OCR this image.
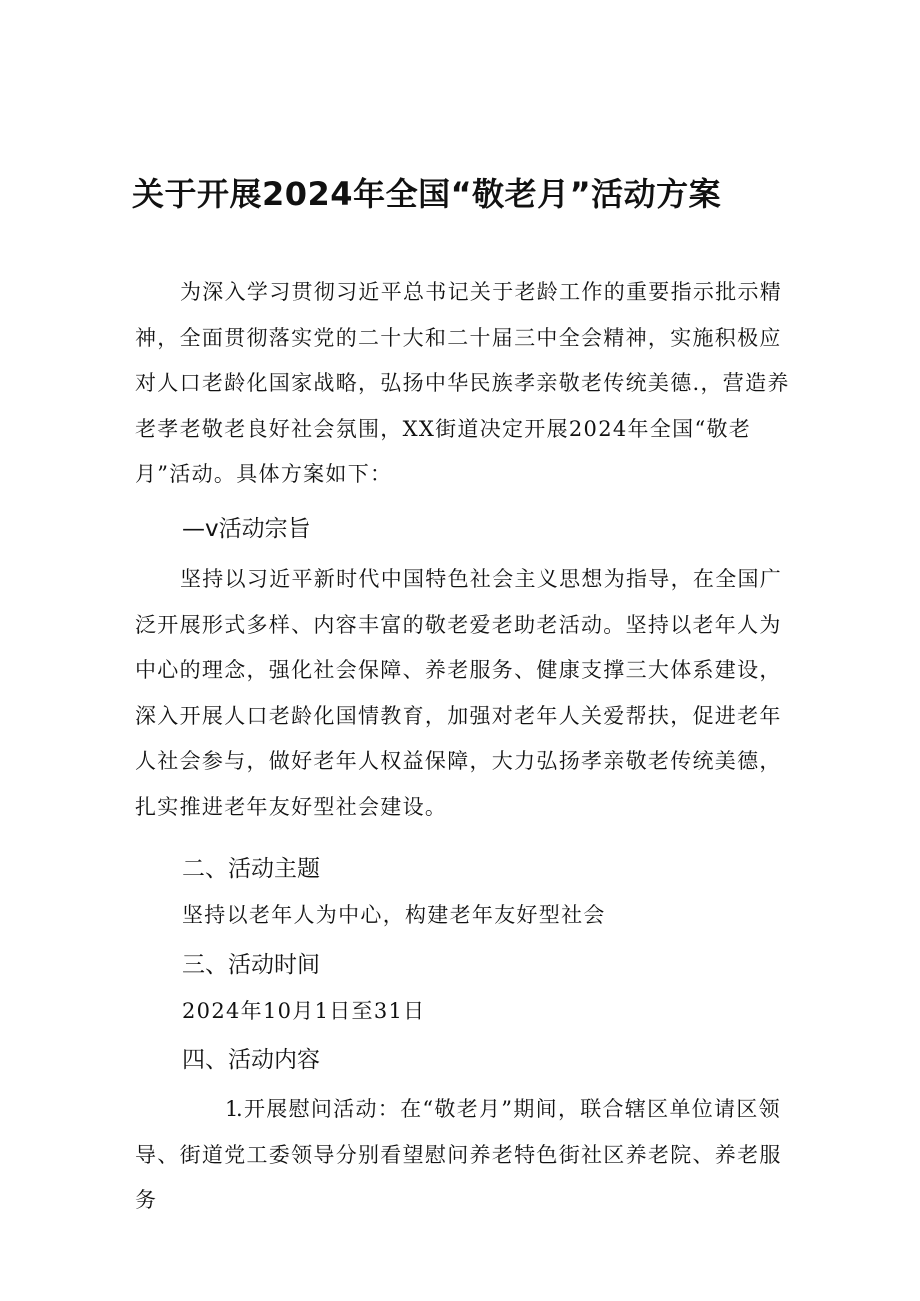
关于开展2024年全国“敬老月”活动方案

为深入学习贯彻习近平总书记关于老龄工作的重要指示批示精神，全面贯彻落实党的二十大和二十届三中全会精神，实施积极应对人口老龄化国家战略，弘扬中华民族孝亲敬老传统美德.，营造养老孝老敬老良好社会氛围，XX街道决定开展2024年全国“敬老月”活动。具体方案如下：

—v活动宗旨

坚持以习近平新时代中国特色社会主义思想为指导，在全国广泛开展形式多样、内容丰富的敬老爱老助老活动。坚持以老年人为中心的理念，强化社会保障、养老服务、健康支撑三大体系建设，深入开展人口老龄化国情教育，加强对老年人关爱帮扶，促进老年人社会参与，做好老年人权益保障，大力弘扬孝亲敬老传统美德，扎实推进老年友好型社会建设。

二、活动主题
坚持以老年人为中心，构建老年友好型社会
三、活动时间
2024年10月1日至31日
四、活动内容

1.开展慰问活动：在“敬老月”期间，联合辖区单位请区领导、街道党工委领导分别看望慰问养老特色街社区养老院、养老服务
